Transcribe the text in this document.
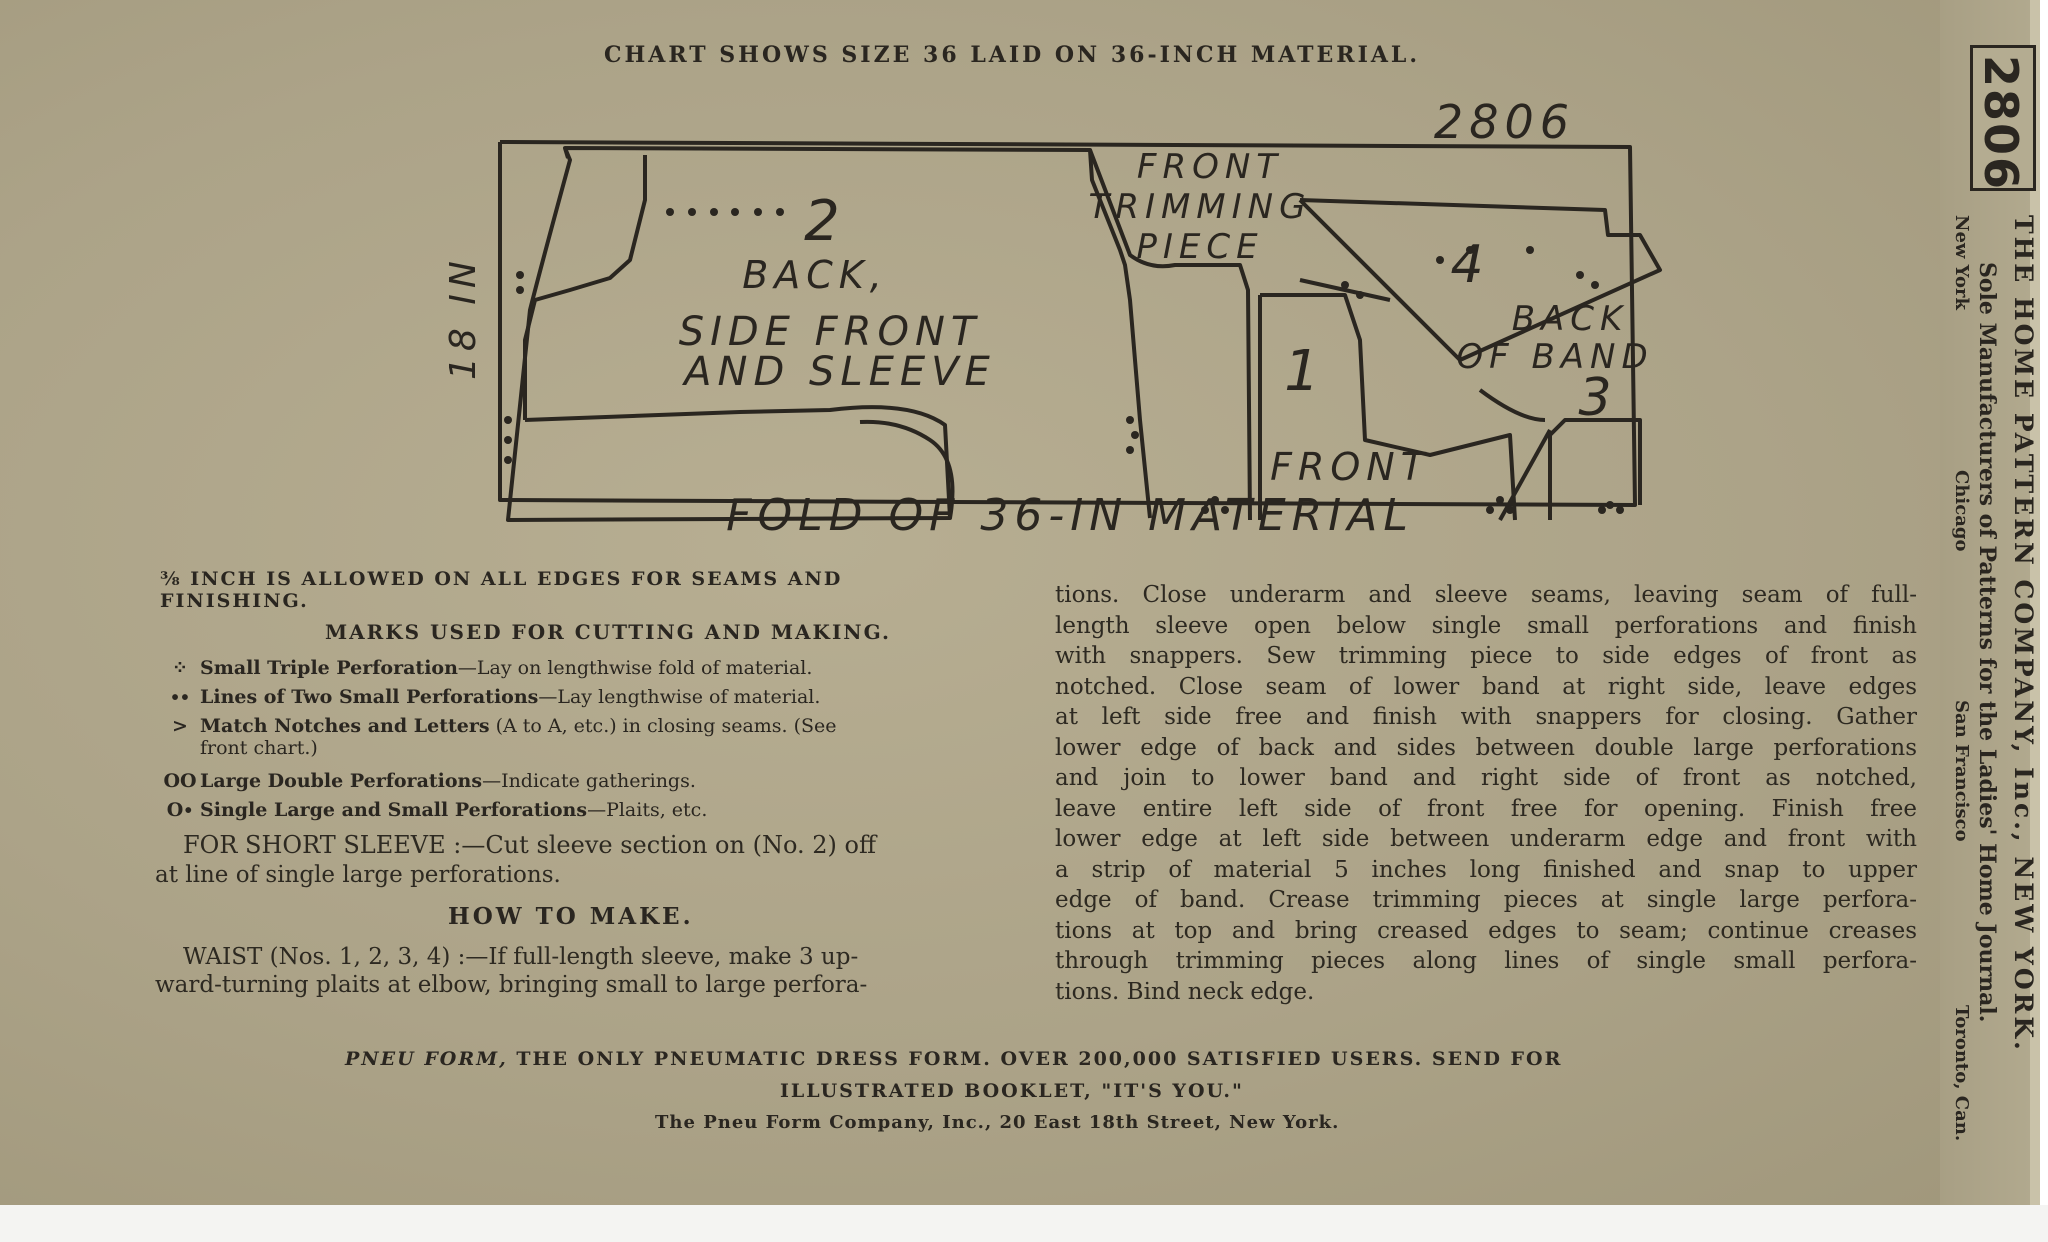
CHART SHOWS SIZE 36 LAID ON 36-INCH MATERIAL.
2806
18 IN
FOLD OF 36-IN MATERIAL
2
BACK,
SIDE FRONT
AND SLEEVE
FRONT
TRIMMING
PIECE	4
BACK
OF BAND
1
FRONT
3
⅜ INCH IS ALLOWED ON ALL EDGES FOR SEAMS AND
FINISHING.
MARKS USED FOR CUTTING AND MAKING.
⁘ Small Triple Perforation—Lay on lengthwise fold of material.
∙∙ Lines of Two Small Perforations—Lay lengthwise of material.
> Match Notches and Letters (A to A, etc.) in closing seams. (See
front chart.)
OO Large Double Perforations—Indicate gatherings.
O∙ Single Large and Small Perforations—Plaits, etc.
FOR SHORT SLEEVE :—Cut sleeve section on (No. 2) off
at line of single large perforations.
HOW TO MAKE.
WAIST (Nos. 1, 2, 3, 4) :—If full-length sleeve, make 3 up-
ward-turning plaits at elbow, bringing small to large perfora-
tions. Close underarm and sleeve seams, leaving seam of full-
length sleeve open below single small perforations and finish
with snappers. Sew trimming piece to side edges of front as
notched. Close seam of lower band at right side, leave edges
at left side free and finish with snappers for closing. Gather
lower edge of back and sides between double large perforations
and join to lower band and right side of front as notched,
leave entire left side of front free for opening. Finish free
lower edge at left side between underarm edge and front with
a strip of material 5 inches long finished and snap to upper
edge of band. Crease trimming pieces at single large perfora-
tions at top and bring creased edges to seam; continue creases
through trimming pieces along lines of single small perfora-
tions. Bind neck edge.
PNEU FORM, THE ONLY PNEUMATIC DRESS FORM. OVER 200,000 SATISFIED USERS. SEND FOR
ILLUSTRATED BOOKLET, "IT'S YOU."
The Pneu Form Company, Inc., 20 East 18th Street, New York.
2806
THE HOME PATTERN COMPANY, Inc., NEW YORK.
Sole Manufacturers of Patterns for the Ladies' Home Journal.
New York
Chicago
San Francisco
Toronto, Can.
